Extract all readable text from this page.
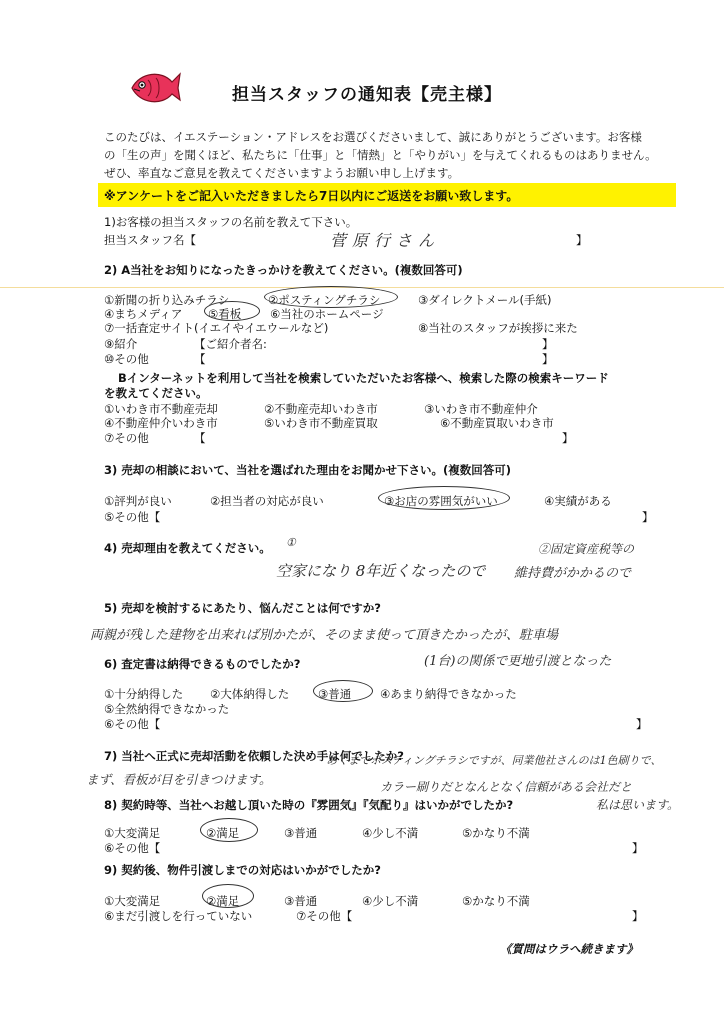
担当スタッフの通知表【売主様】
このたびは、イエステーション・アドレスをお選びくださいまして、誠にありがとうございます。お客様
の「生の声」を聞くほど、私たちに「仕事」と「情熱」と「やりがい」を与えてくれるものはありません。
ぜひ、率直なご意見を教えてくださいますようお願い申し上げます。
※アンケートをご記入いただきましたら7日以内にご返送をお願い致します。
1)お客様の担当スタッフの名前を教えて下さい。
担当スタッフ名【	菅原行さん	】
2) A当社をお知りになったきっかけを教えてください。(複数回答可)
①新聞の折り込みチラシ	②ポスティングチラシ	③ダイレクトメール(手紙)
④まちメディア ⑤看板 ⑥当社のホームページ
⑦一括査定サイト(イエイやイエウールなど)	⑧当社のスタッフが挨拶に来た
⑨紹介	【ご紹介者名:	】
⑩その他	【	】
Bインターネットを利用して当社を検索していただいたお客様へ、検索した際の検索キーワード
を教えてください。
①いわき市不動産売却	②不動産売却いわき市	③いわき市不動産仲介
④不動産仲介いわき市	⑤いわき市不動産買取	⑥不動産買取いわき市
⑦その他	【	】
3) 売却の相談において、当社を選ばれた理由をお聞かせ下さい。(複数回答可)
①評判が良い	②担当者の対応が良い	③お店の雰囲気がいい	④実績がある
⑤その他【	】
4) 売却理由を教えてください。 ①
空家になり 8年近くなったので
②固定資産税等の
維持費がかかるので
5) 売却を検討するにあたり、悩んだことは何ですか?
両親が残した建物を出来れば別かたが、そのまま使って頂きたかったが、駐車場
(1台)の関係で更地引渡となった
6) 査定書は納得できるものでしたか?
①十分納得した ②大体納得した ③普通 ④あまり納得できなかった
⑤全然納得できなかった
⑥その他【	】
7) 当社へ正式に売却活動を依頼した決め手は何でしたか?
あくまでポスティングチラシですが、同業他社さんのは1色刷りで、
まず、看板が目を引きつけます。	カラー刷りだとなんとなく信頼がある会社だと
私は思います。
8) 契約時等、当社へお越し頂いた時の『雰囲気』『気配り』はいかがでしたか?
①大変満足	②満足	③普通	④少し不満	⑤かなり不満
⑥その他【	】
9) 契約後、物件引渡しまでの対応はいかがでしたか?
①大変満足	②満足	③普通	④少し不満	⑤かなり不満
⑥まだ引渡しを行っていない	⑦その他【	】
《質問はウラへ続きます》
